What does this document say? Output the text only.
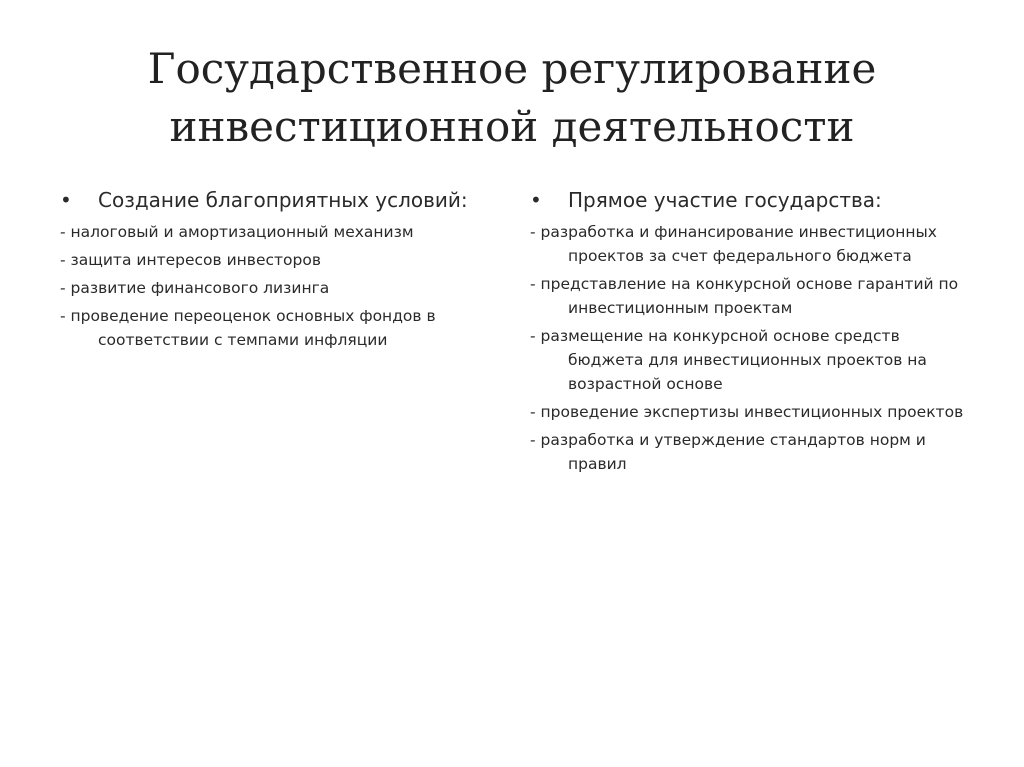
Государственное регулирование
инвестиционной деятельности
• Создание благоприятных условий:
- налоговый и амортизационный механизм
- защита интересов инвесторов
- развитие финансового лизинга
- проведение переоценок основных фондов в соответствии с темпами инфляции
• Прямое участие государства:
- разработка и финансирование инвестиционных проектов за счет федерального бюджета
- представление на конкурсной основе гарантий по инвестиционным проектам
- размещение на конкурсной основе средств бюджета для инвестиционных проектов на возрастной основе
- проведение экспертизы инвестиционных проектов
- разработка и утверждение стандартов норм и правил
